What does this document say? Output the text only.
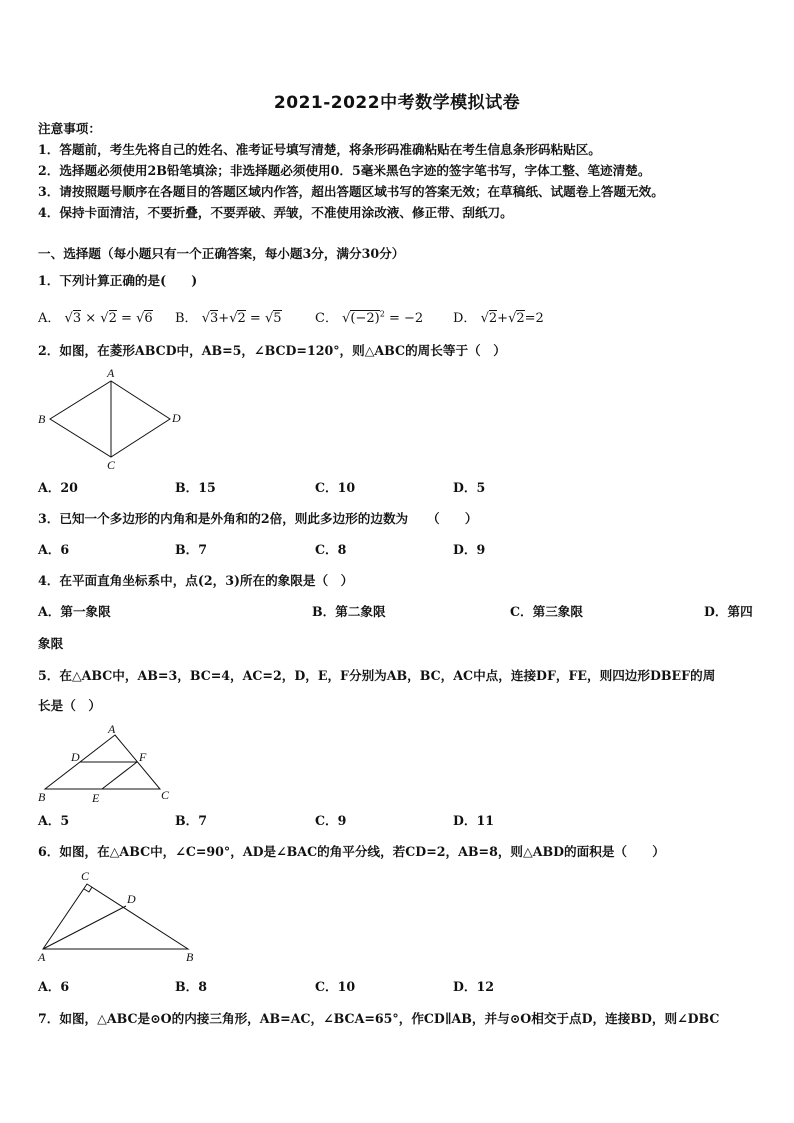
2021-2022中考数学模拟试卷
注意事项：
1．答题前，考生先将自己的姓名、准考证号填写清楚，将条形码准确粘贴在考生信息条形码粘贴区。
2．选择题必须使用2B铅笔填涂；非选择题必须使用0．5毫米黑色字迹的签字笔书写，字体工整、笔迹清楚。
3．请按照题号顺序在各题目的答题区域内作答，超出答题区域书写的答案无效；在草稿纸、试题卷上答题无效。
4．保持卡面清洁，不要折叠，不要弄破、弄皱，不准使用涂改液、修正带、刮纸刀。
一、选择题（每小题只有一个正确答案，每小题3分，满分30分）
1．下列计算正确的是(　　)
A． √3 × √2 = √6 B． √3+√2 = √5	C． $√(-2)^2 = -2$ D． √2+√2=2
2．如图，在菱形ABCD中，AB=5，∠BCD=120°，则△ABC的周长等于（　）
A
B
C
D
A．20	B．15	C．10	D．5
3．已知一个多边形的内角和是外角和的2倍，则此多边形的边数为　　（　　）
A．6	B．7	C．8	D．9
4．在平面直角坐标系中，点(2，3)所在的象限是（　）
A．第一象限	B．第二象限	C．第三象限	D．第四
象限
5．在△ABC中，AB=3，BC=4，AC=2，D，E，F分别为AB，BC，AC中点，连接DF，FE，则四边形DBEF的周
长是（　）
A
D	F
B	E	C
A．5	B．7	C．9	D．11
6．如图，在△ABC中，∠C=90°，AD是∠BAC的角平分线，若CD=2，AB=8，则△ABD的面积是（　　）
C
D
A	B
A．6	B．8	C．10	D．12
7．如图，△ABC是⊙O的内接三角形，AB=AC，∠BCA=65°，作CD∥AB，并与⊙O相交于点D，连接BD，则∠DBC
